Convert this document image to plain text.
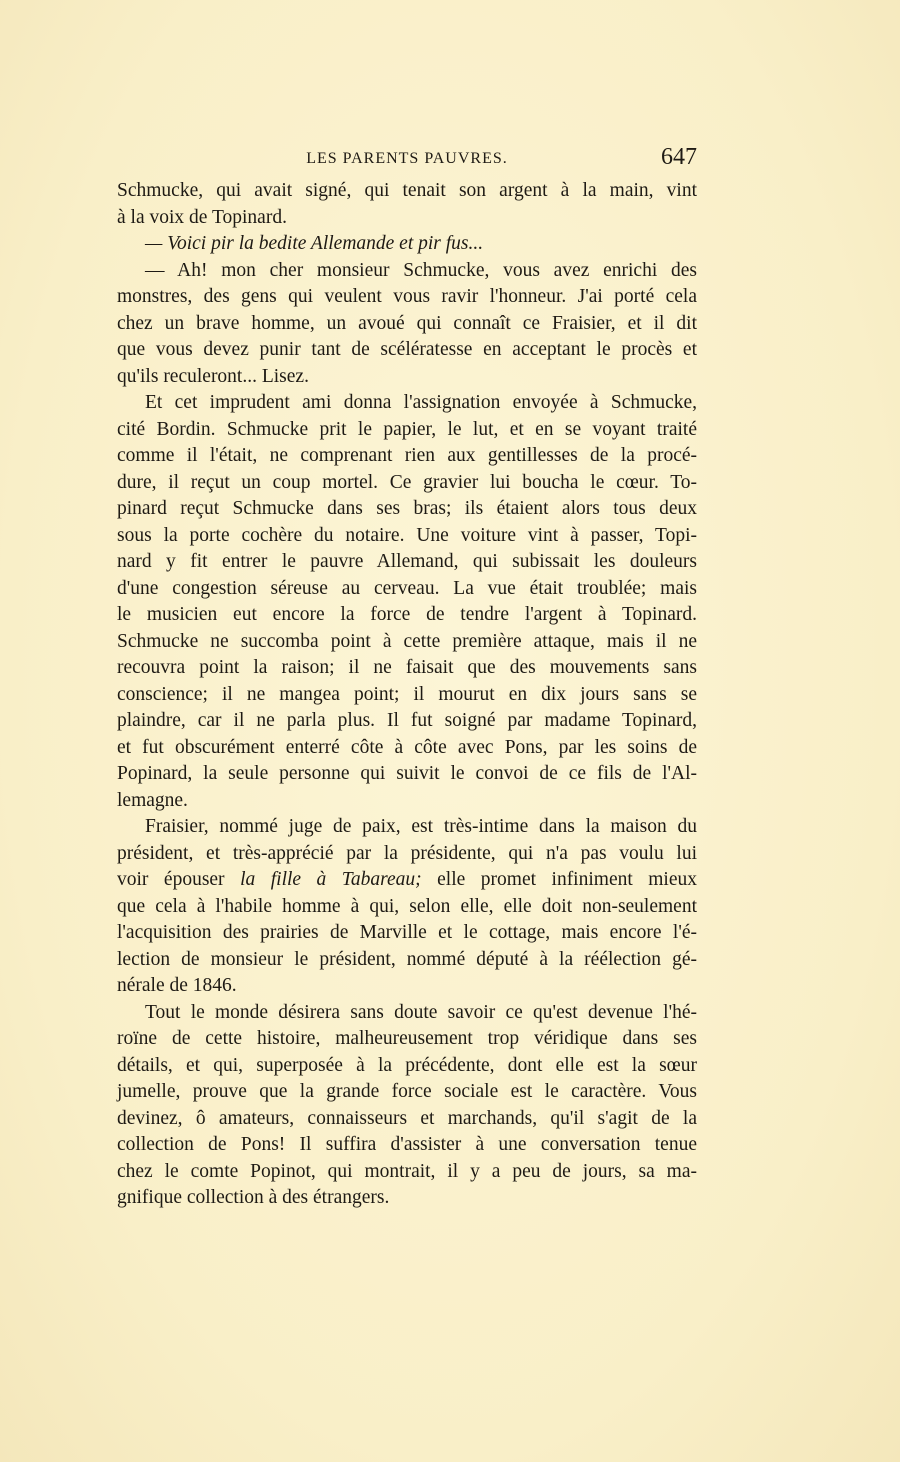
LES PARENTS PAUVRES.	647
Schmucke, qui avait signé, qui tenait son argent à la main, vint
à la voix de Topinard.
— Voici pir la bedite Allemande et pir fus...
— Ah! mon cher monsieur Schmucke, vous avez enrichi des
monstres, des gens qui veulent vous ravir l'honneur. J'ai porté cela
chez un brave homme, un avoué qui connaît ce Fraisier, et il dit
que vous devez punir tant de scélératesse en acceptant le procès et
qu'ils reculeront... Lisez.
Et cet imprudent ami donna l'assignation envoyée à Schmucke,
cité Bordin. Schmucke prit le papier, le lut, et en se voyant traité
comme il l'était, ne comprenant rien aux gentillesses de la procé-
dure, il reçut un coup mortel. Ce gravier lui boucha le cœur. To-
pinard reçut Schmucke dans ses bras; ils étaient alors tous deux
sous la porte cochère du notaire. Une voiture vint à passer, Topi-
nard y fit entrer le pauvre Allemand, qui subissait les douleurs
d'une congestion séreuse au cerveau. La vue était troublée; mais
le musicien eut encore la force de tendre l'argent à Topinard.
Schmucke ne succomba point à cette première attaque, mais il ne
recouvra point la raison; il ne faisait que des mouvements sans
conscience; il ne mangea point; il mourut en dix jours sans se
plaindre, car il ne parla plus. Il fut soigné par madame Topinard,
et fut obscurément enterré côte à côte avec Pons, par les soins de
Popinard, la seule personne qui suivit le convoi de ce fils de l'Al-
lemagne.
Fraisier, nommé juge de paix, est très-intime dans la maison du
président, et très-apprécié par la présidente, qui n'a pas voulu lui
voir épouser la fille à Tabareau; elle promet infiniment mieux
que cela à l'habile homme à qui, selon elle, elle doit non-seulement
l'acquisition des prairies de Marville et le cottage, mais encore l'é-
lection de monsieur le président, nommé député à la réélection gé-
nérale de 1846.
Tout le monde désirera sans doute savoir ce qu'est devenue l'hé-
roïne de cette histoire, malheureusement trop véridique dans ses
détails, et qui, superposée à la précédente, dont elle est la sœur
jumelle, prouve que la grande force sociale est le caractère. Vous
devinez, ô amateurs, connaisseurs et marchands, qu'il s'agit de la
collection de Pons! Il suffira d'assister à une conversation tenue
chez le comte Popinot, qui montrait, il y a peu de jours, sa ma-
gnifique collection à des étrangers.
